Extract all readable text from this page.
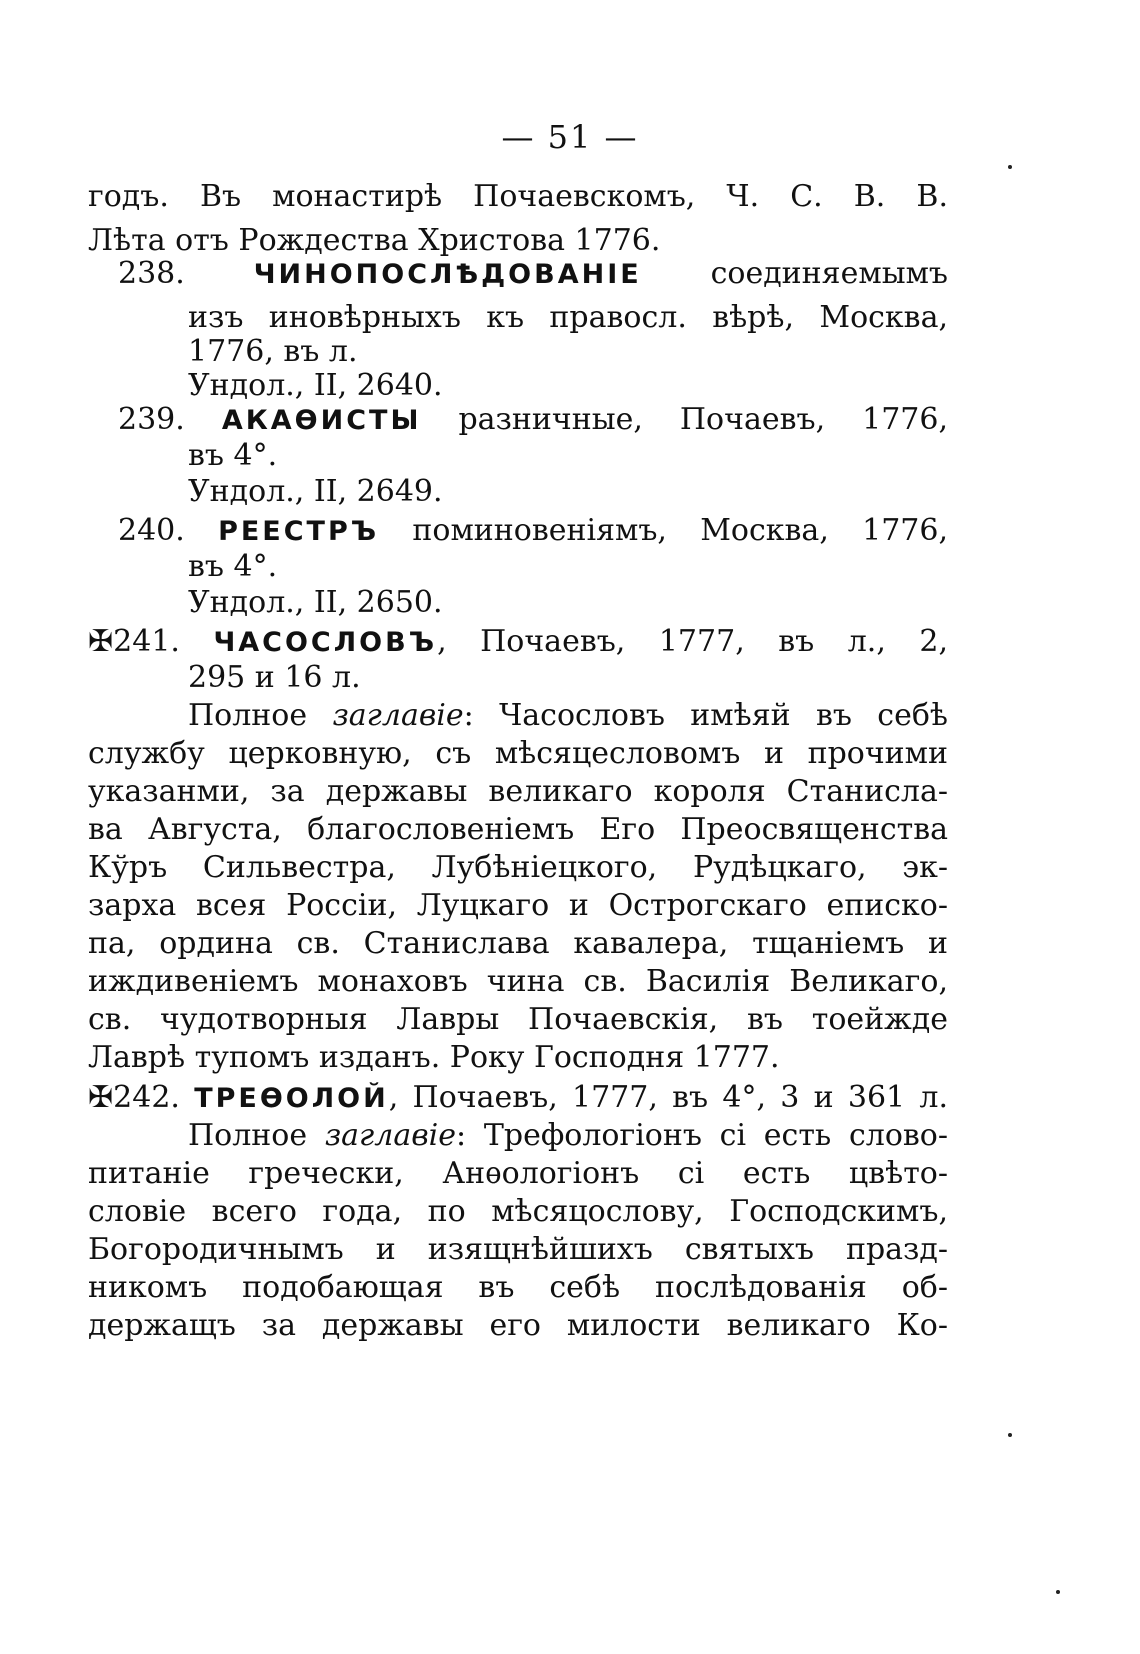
— 51 —
годъ. Въ монастирѣ Почаевскомъ, Ч. С. В. В.
Лѣта отъ Рождества Христова 1776.
238.	ЧИНОПОСЛѢДОВАНІЕ соединяемымъ
изъ иновѣрныхъ къ правосл. вѣрѣ, Москва,
1776, въ л.
Ундол., II, 2640.
239. АКАѲИСТЫ разничные, Почаевъ, 1776,
въ 4°.
Ундол., II, 2649.
240. РЕЕСТРЪ поминовеніямъ, Москва, 1776,
въ 4°.
Ундол., II, 2650.
✠241. ЧАСОСЛОВЪ, Почаевъ, 1777, въ л., 2,
295 и 16 л.
Полное заглавіе: Часословъ имѣяй въ себѣ
службу церковную, съ мѣсяцесловомъ и прочими
указанми, за державы великаго короля Станисла-
ва Августа, благословеніемъ Его Преосвященства
Кўръ Сильвестра, Лубѣніецкого, Рудѣцкаго, эк-
зарха всея Россіи, Луцкаго и Острогскаго еписко-
па, ордина св. Станислава кавалера, тщаніемъ и
иждивеніемъ монаховъ чина св. Василія Великаго,
св. чудотворныя Лавры Почаевскія, въ тоейжде
Лаврѣ тупомъ изданъ. Року Господня 1777.
✠242. ТРЕѲОЛОЙ, Почаевъ, 1777, въ 4°, 3 и 361 л.
Полное заглавіе: Трефологіонъ сі есть слово-
питаніе гречески, Анѳологіонъ сі есть цвѣто-
словіе всего года, по мѣсяцослову, Господскимъ,
Богородичнымъ и изящнѣйшихъ святыхъ празд-
никомъ подобающая въ себѣ послѣдованія об-
держащъ за державы его милости великаго Ко-
